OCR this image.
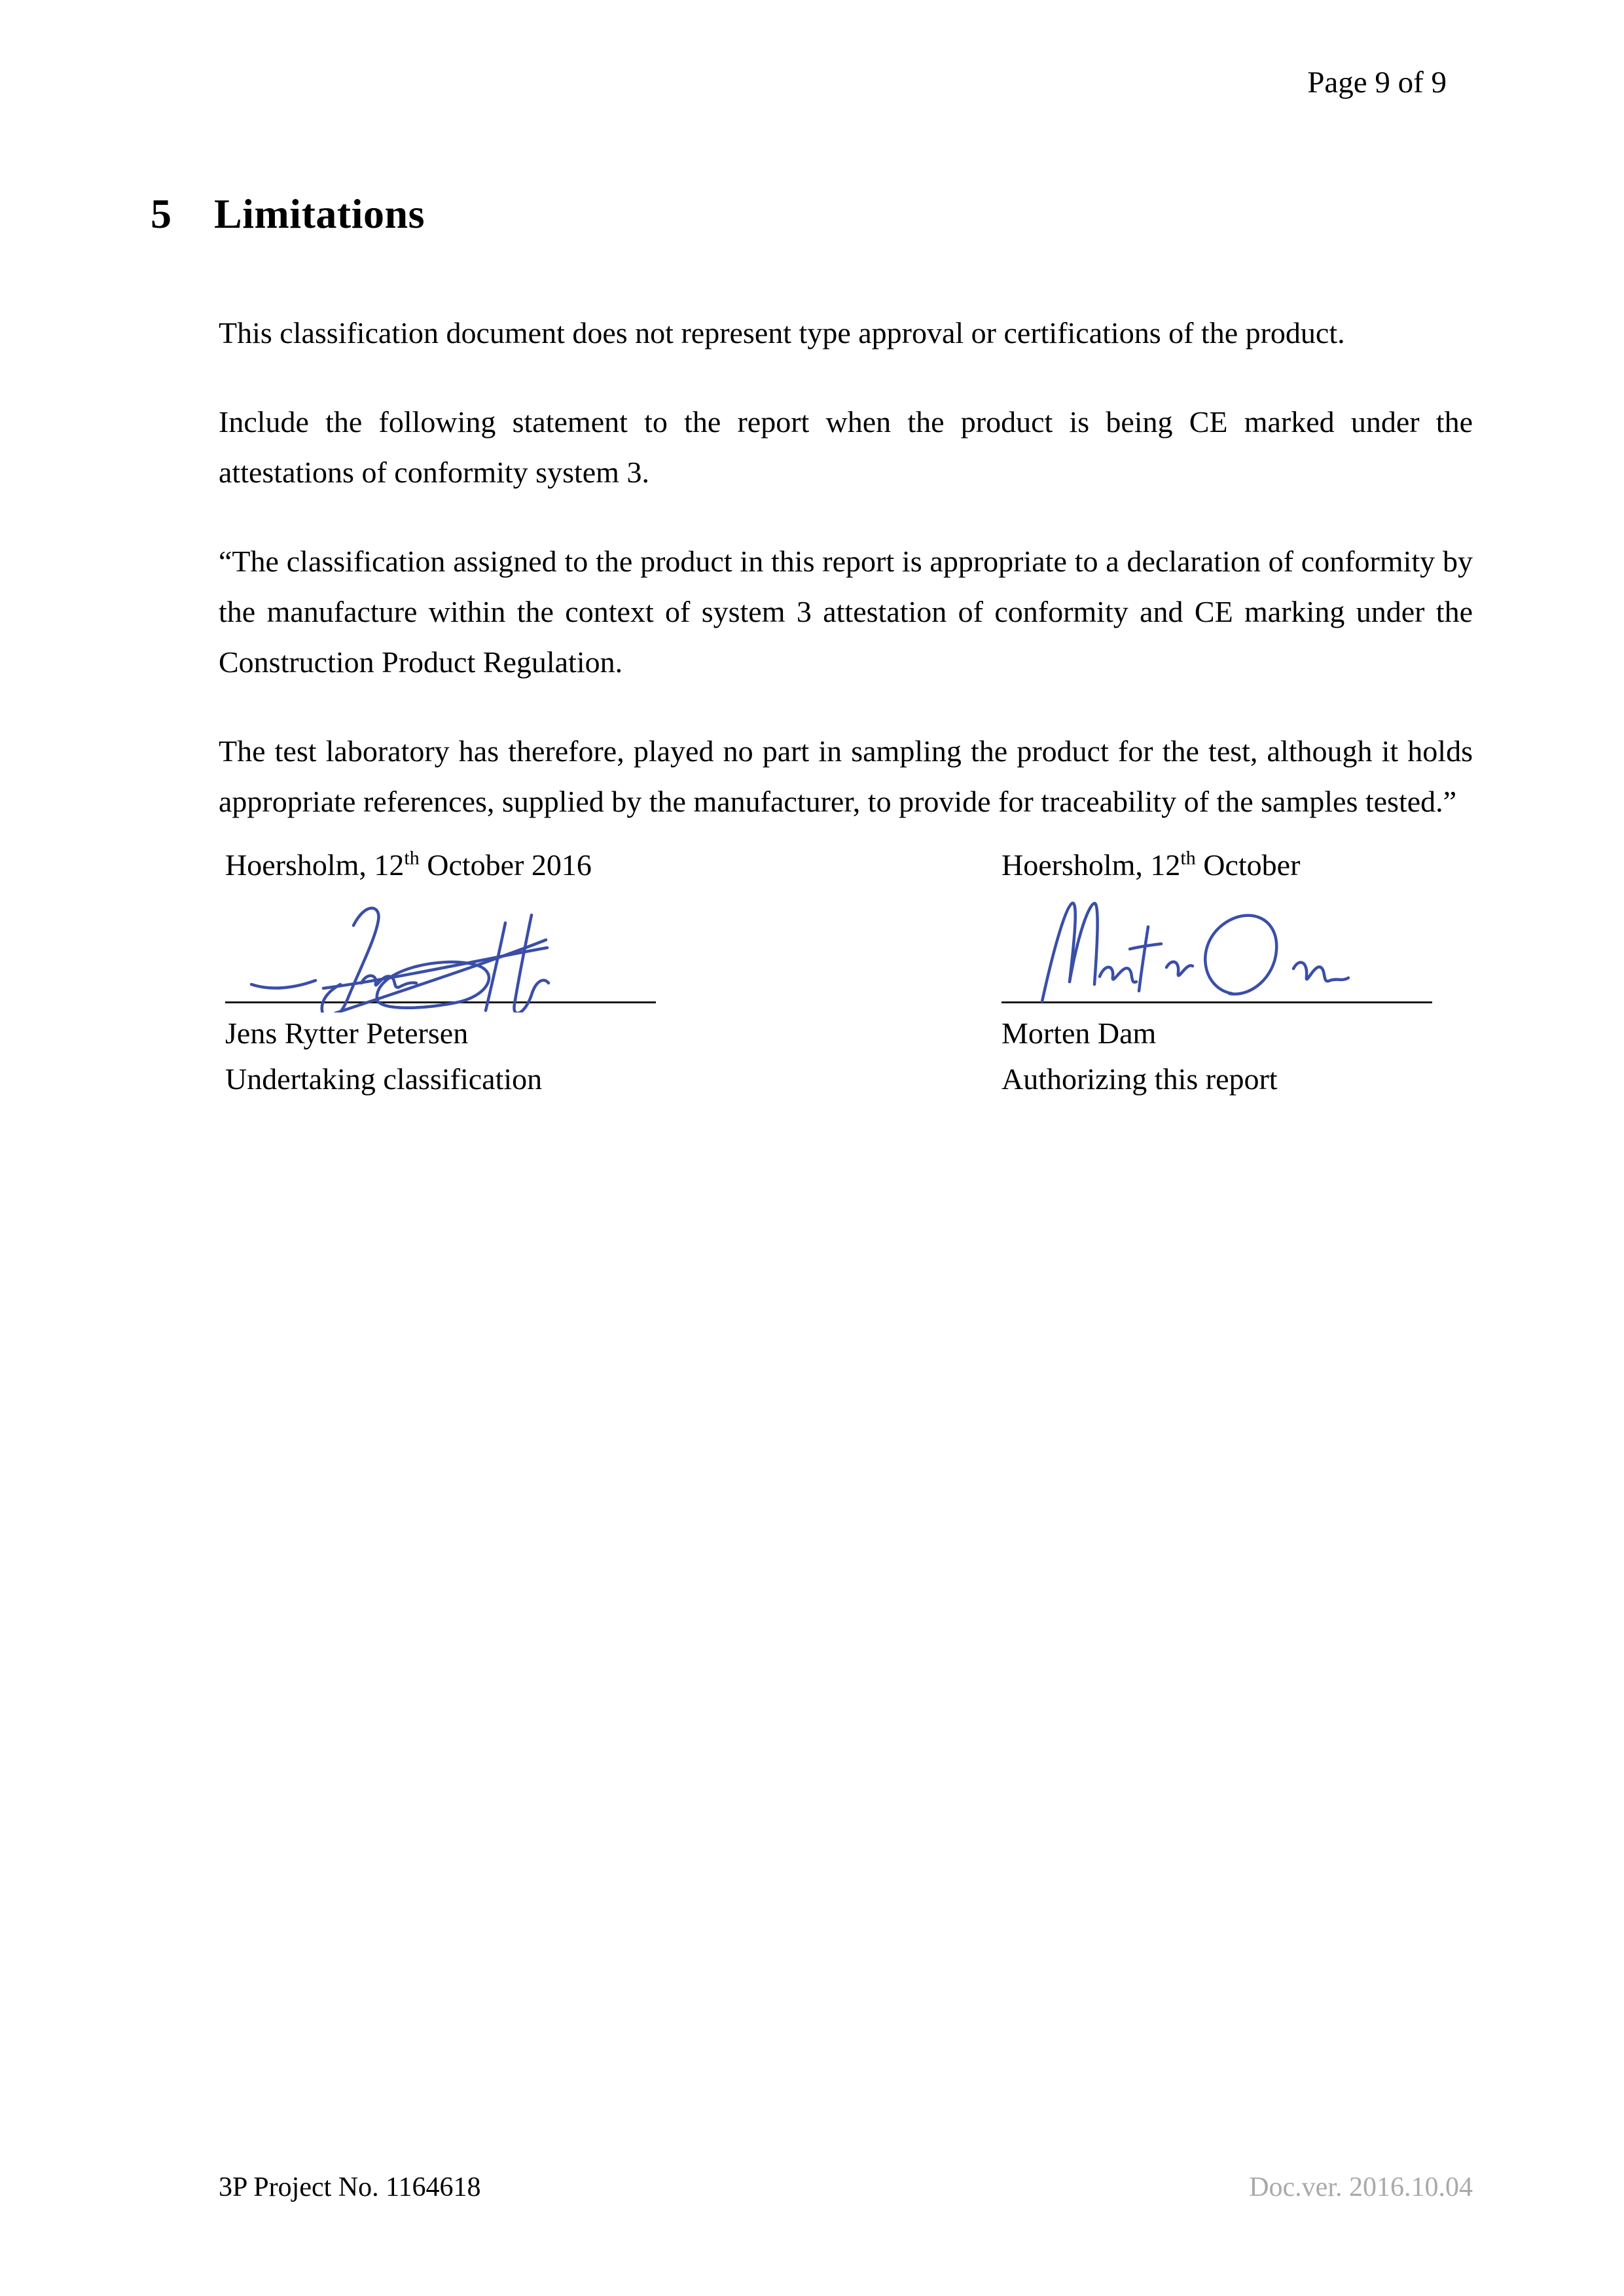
Page 9 of 9
5 Limitations

This classification document does not represent type approval or certifications of the product.

Include the following statement to the report when the product is being CE marked under the attestations of conformity system 3.

“The classification assigned to the product in this report is appropriate to a declaration of conformity by the manufacture within the context of system 3 attestation of conformity and CE marking under the Construction Product Regulation.

The test laboratory has therefore, played no part in sampling the product for the test, although it holds appropriate references, supplied by the manufacturer, to provide for traceability of the samples tested.”

Hoersholm, 12th October 2016
Jens Rytter Petersen
Undertaking classification
Hoersholm, 12th October
Morten Dam
Authorizing this report
3P Project No. 1164618	Doc.ver. 2016.10.04
